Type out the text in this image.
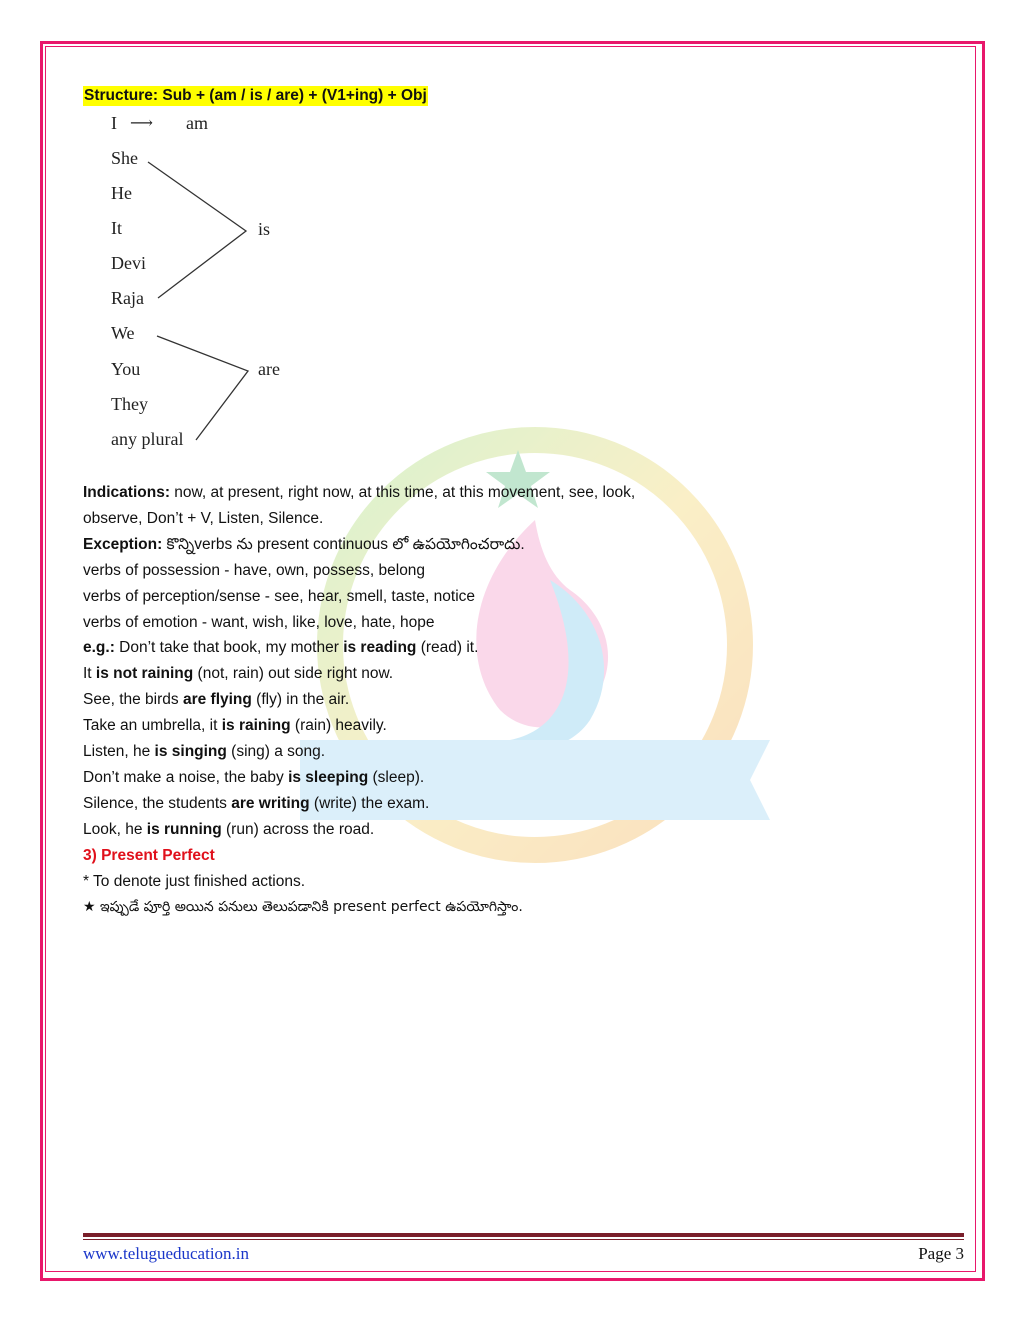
Structure: Sub + (am / is / are) + (V1+ing) + Obj
I ⟶ am
She
He
It
Devi
Raja
is
We
You
They
any plural
are

Indications: now, at present, right now, at this time, at this movement, see, look,

observe, Don’t + V, Listen, Silence.

Exception: కొన్నిverbs ను present continuous లో ఉపయోగించరాదు.

verbs of possession - have, own, possess, belong

verbs of perception/sense - see, hear, smell, taste, notice

verbs of emotion - want, wish, like, love, hate, hope

e.g.: Don’t take that book, my mother is reading (read) it.

It is not raining (not, rain) out side right now.

See, the birds are flying (fly) in the air.

Take an umbrella, it is raining (rain) heavily.

Listen, he is singing (sing) a song.

Don’t make a noise, the baby is sleeping (sleep).

Silence, the students are writing (write) the exam.

Look, he is running (run) across the road.

3) Present Perfect

* To denote just finished actions.

★ ఇప్పుడే పూర్తి అయిన పనులు తెలుపడానికి present perfect ఉపయోగిస్తాం.

www.telugueducation.in	Page 3
